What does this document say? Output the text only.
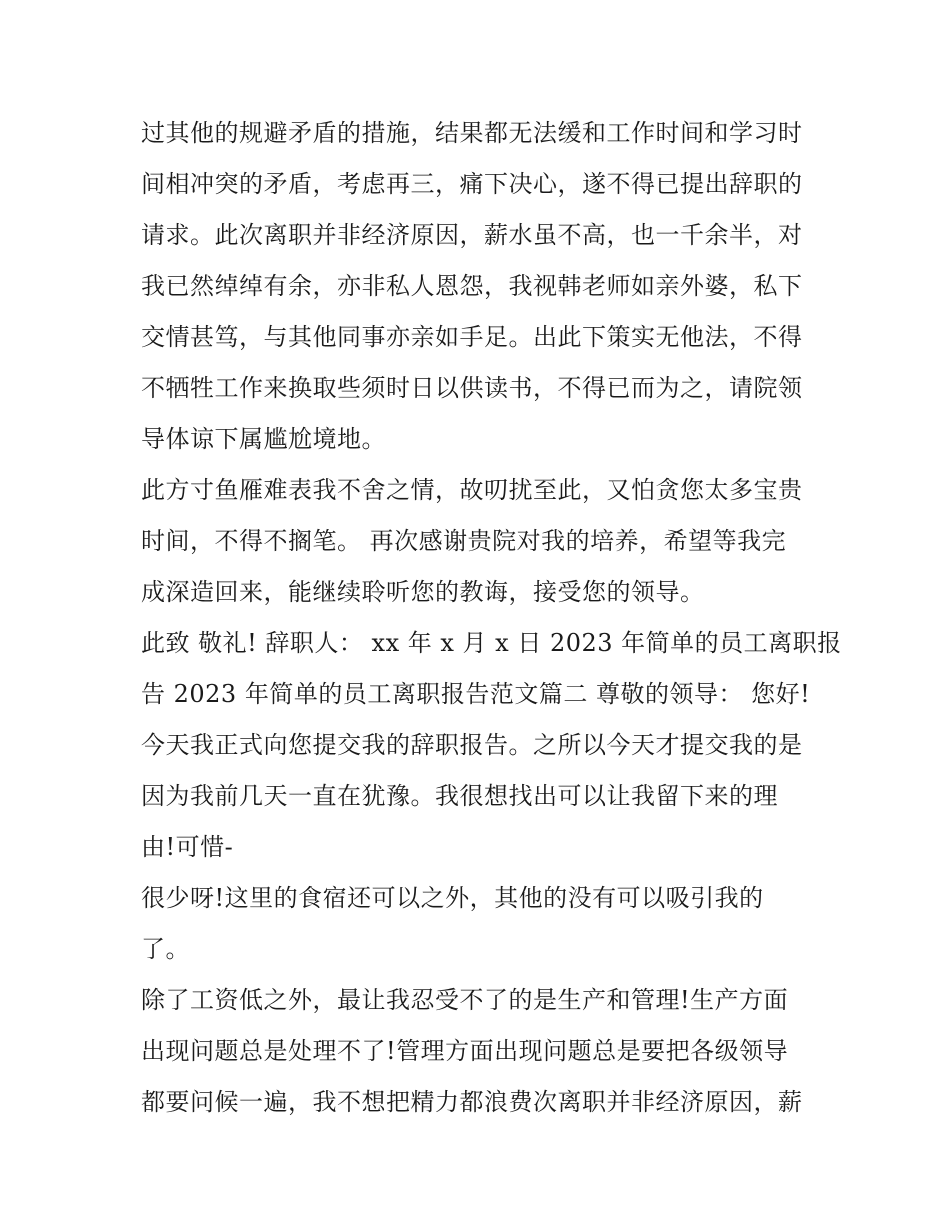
过其他的规避矛盾的措施，结果都无法缓和工作时间和学习时
间相冲突的矛盾，考虑再三，痛下决心，遂不得已提出辞职的
请求。此次离职并非经济原因，薪水虽不高，也一千余半，对
我已然绰绰有余，亦非私人恩怨，我视韩老师如亲外婆，私下
交情甚笃，与其他同事亦亲如手足。出此下策实无他法，不得
不牺牲工作来换取些须时日以供读书，不得已而为之，请院领
导体谅下属尴尬境地。
此方寸鱼雁难表我不舍之情，故叨扰至此，又怕贪您太多宝贵
时间，不得不搁笔。 再次感谢贵院对我的培养，希望等我完
成深造回来，能继续聆听您的教诲，接受您的领导。
此致 敬礼! 辞职人： xx 年 x 月 x 日 2023 年简单的员工离职报
告 2023 年简单的员工离职报告范文篇二 尊敬的领导： 您好!
今天我正式向您提交我的辞职报告。之所以今天才提交我的是
因为我前几天一直在犹豫。我很想找出可以让我留下来的理
由!可惜-
很少呀!这里的食宿还可以之外，其他的没有可以吸引我的
了。
除了工资低之外，最让我忍受不了的是生产和管理!生产方面
出现问题总是处理不了!管理方面出现问题总是要把各级领导
都要问候一遍，我不想把精力都浪费次离职并非经济原因，薪
